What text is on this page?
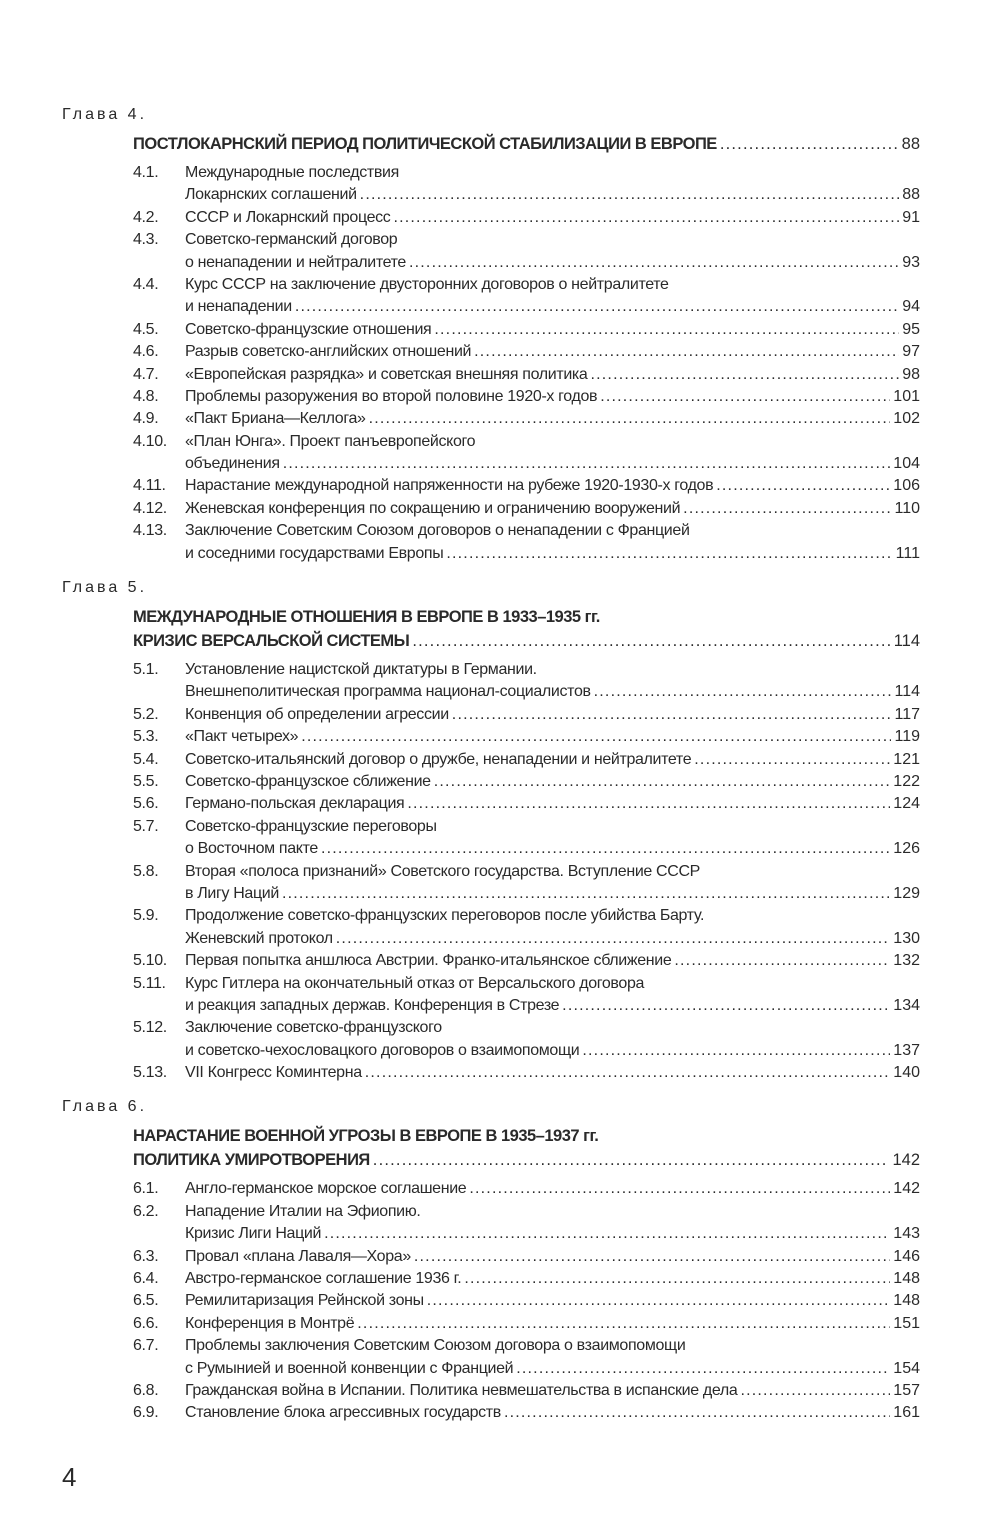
Глава 4.
ПОСТЛОКАРНСКИЙ ПЕРИОД ПОЛИТИЧЕСКОЙ СТАБИЛИЗАЦИИ В ЕВРОПЕ .....	88
4.1.	Международные последствия
Локарнских соглашений .....	88
4.2.	СССР и Локарнский процесс .....	91
4.3.	Советско-германский договор
о ненападении и нейтралитете .....	93
4.4.	Курс СССР на заключение двусторонних договоров о нейтралитете
и ненападении .....	94
4.5.	Советско-французские отношения .....	95
4.6.	Разрыв советско-английских отношений .....	97
4.7.	«Европейская разрядка» и советская внешняя политика .....	98
4.8.	Проблемы разоружения во второй половине 1920-х годов .....	101
4.9.	«Пакт Бриана—Келлога» .....	102
4.10.	«План Юнга». Проект панъевропейского
объединения .....	104
4.11.	Нарастание международной напряженности на рубеже 1920-1930-х годов .....	106
4.12.	Женевская конференция по сокращению и ограничению вооружений .....	110
4.13.	Заключение Советским Союзом договоров о ненападении с Францией
и соседними государствами Европы .....	111
Глава 5.
МЕЖДУНАРОДНЫЕ ОТНОШЕНИЯ В ЕВРОПЕ В 1933–1935 гг.
КРИЗИС ВЕРСАЛЬСКОЙ СИСТЕМЫ .....	114
5.1.	Установление нацистской диктатуры в Германии.
Внешнеполитическая программа национал-социалистов .....	114
5.2.	Конвенция об определении агрессии .....	117
5.3.	«Пакт четырех» .....	119
5.4.	Советско-итальянский договор о дружбе, ненападении и нейтралитете .....	121
5.5.	Советско-французское сближение .....	122
5.6.	Германо-польская декларация .....	124
5.7.	Советско-французские переговоры
о Восточном пакте .....	126
5.8.	Вторая «полоса признаний» Советского государства. Вступление СССР
в Лигу Наций .....	129
5.9.	Продолжение советско-французских переговоров после убийства Барту.
Женевский протокол .....	130
5.10.	Первая попытка аншлюса Австрии. Франко-итальянское сближение .....	132
5.11.	Курс Гитлера на окончательный отказ от Версальского договора
и реакция западных держав. Конференция в Стрезе .....	134
5.12.	Заключение советско-французского
и советско-чехословацкого договоров о взаимопомощи .....	137
5.13.	VII Конгресс Коминтерна .....	140
Глава 6.
НАРАСТАНИЕ ВОЕННОЙ УГРОЗЫ В ЕВРОПЕ В 1935–1937 гг.
ПОЛИТИКА УМИРОТВОРЕНИЯ .....	142
6.1.	Англо-германское морское соглашение .....	142
6.2.	Нападение Италии на Эфиопию.
Кризис Лиги Наций .....	143
6.3.	Провал «плана Лаваля—Хора» .....	146
6.4.	Австро-германское соглашение 1936 г. .....	148
6.5.	Ремилитаризация Рейнской зоны .....	148
6.6.	Конференция в Монтрё .....	151
6.7.	Проблемы заключения Советским Союзом договора о взаимопомощи
с Румынией и военной конвенции с Францией .....	154
6.8.	Гражданская война в Испании. Политика невмешательства в испанские дела .....	157
6.9.	Становление блока агрессивных государств .....	161
4
